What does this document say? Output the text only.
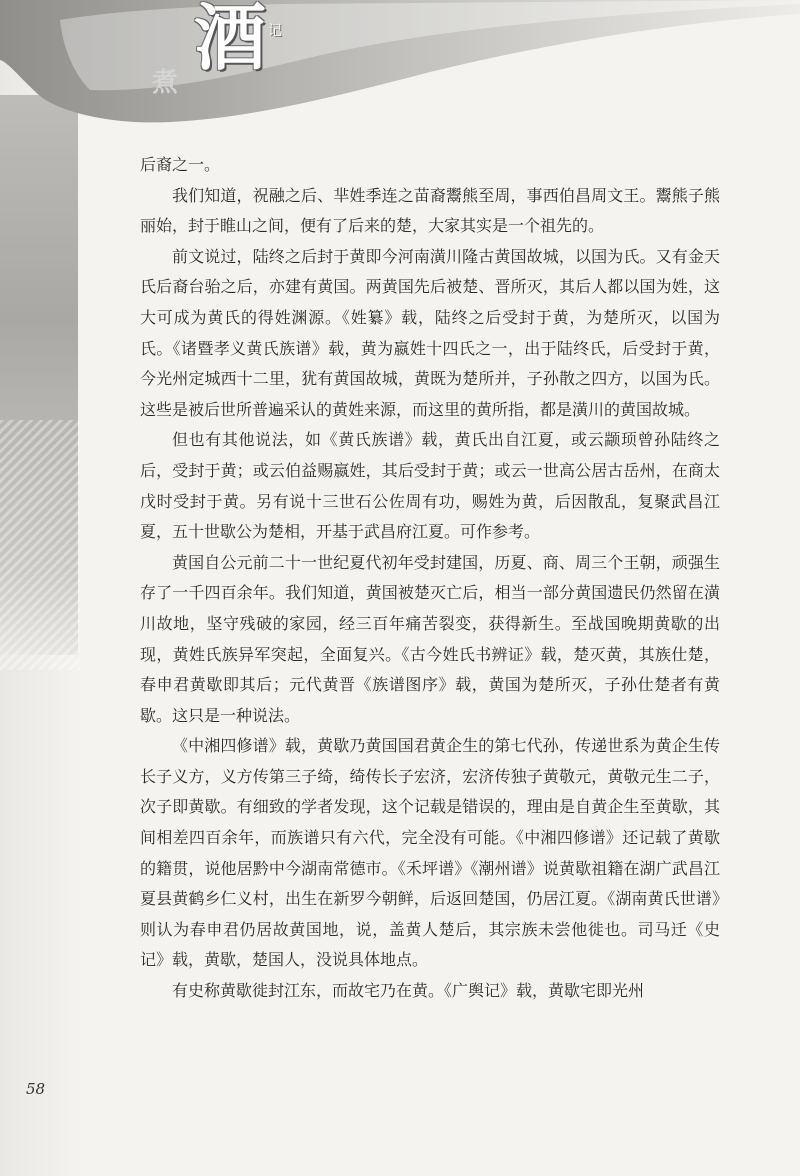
煮
酒 记

后裔之一。

我们知道，祝融之后、芈姓季连之苗裔鬻熊至周，事西伯昌周文王。鬻熊子熊丽始，封于睢山之间，便有了后来的楚，大家其实是一个祖先的。

前文说过，陆终之后封于黄即今河南潢川隆古黄国故城，以国为氏。又有金天氏后裔台骀之后，亦建有黄国。两黄国先后被楚、晋所灭，其后人都以国为姓，这大可成为黄氏的得姓渊源。《姓纂》载，陆终之后受封于黄，为楚所灭，以国为氏。《诸暨孝义黄氏族谱》载，黄为嬴姓十四氏之一，出于陆终氏，后受封于黄，今光州定城西十二里，犹有黄国故城，黄既为楚所并，子孙散之四方，以国为氏。这些是被后世所普遍采认的黄姓来源，而这里的黄所指，都是潢川的黄国故城。

但也有其他说法，如《黄氏族谱》载，黄氏出自江夏，或云颛顼曾孙陆终之后，受封于黄；或云伯益赐嬴姓，其后受封于黄；或云一世高公居古岳州，在商太戊时受封于黄。另有说十三世石公佐周有功，赐姓为黄，后因散乱，复聚武昌江夏，五十世歇公为楚相，开基于武昌府江夏。可作参考。

黄国自公元前二十一世纪夏代初年受封建国，历夏、商、周三个王朝，顽强生存了一千四百余年。我们知道，黄国被楚灭亡后，相当一部分黄国遗民仍然留在潢川故地，坚守残破的家园，经三百年痛苦裂变，获得新生。至战国晚期黄歇的出现，黄姓氏族异军突起，全面复兴。《古今姓氏书辨证》载，楚灭黄，其族仕楚，春申君黄歇即其后；元代黄晋《族谱图序》载，黄国为楚所灭，子孙仕楚者有黄歇。这只是一种说法。

《中湘四修谱》载，黄歇乃黄国国君黄企生的第七代孙，传递世系为黄企生传长子义方，义方传第三子绮，绮传长子宏济，宏济传独子黄敬元，黄敬元生二子，次子即黄歇。有细致的学者发现，这个记载是错误的，理由是自黄企生至黄歇，其间相差四百余年，而族谱只有六代，完全没有可能。《中湘四修谱》还记载了黄歇的籍贯，说他居黔中今湖南常德市。《禾坪谱》《潮州谱》说黄歇祖籍在湖广武昌江夏县黄鹤乡仁义村，出生在新罗今朝鲜，后返回楚国，仍居江夏。《湖南黄氏世谱》则认为春申君仍居故黄国地，说，盖黄人楚后，其宗族未尝他徙也。司马迁《史记》载，黄歇，楚国人，没说具体地点。

有史称黄歇徙封江东，而故宅乃在黄。《广舆记》载，黄歇宅即光州

58
